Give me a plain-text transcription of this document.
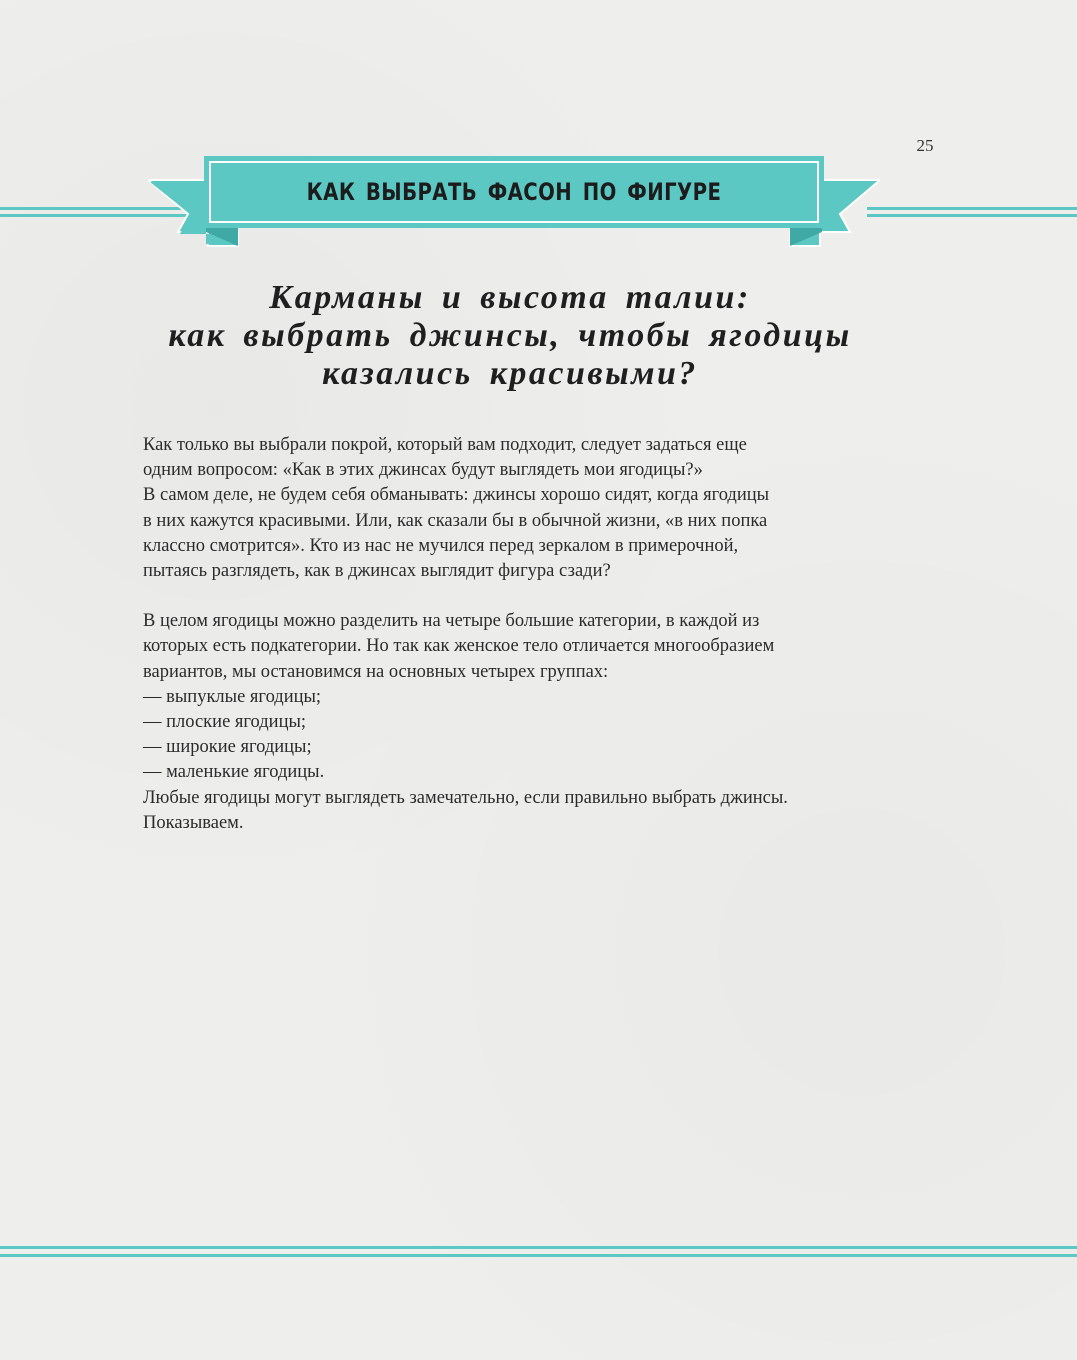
25
КАК ВЫБРАТЬ ФАСОН ПО ФИГУРЕ
Карманы и высота талии:
как выбрать джинсы, чтобы ягодицы
казались красивыми?

Как только вы выбрали покрой, который вам подходит, следует задаться еще
одним вопросом: «Как в этих джинсах будут выглядеть мои ягодицы?»
В самом деле, не будем себя обманывать: джинсы хорошо сидят, когда ягодицы
в них кажутся красивыми. Или, как сказали бы в обычной жизни, «в них попка
классно смотрится». Кто из нас не мучился перед зеркалом в примерочной,
пытаясь разглядеть, как в джинсах выглядит фигура сзади?

В целом ягодицы можно разделить на четыре большие категории, в каждой из
которых есть подкатегории. Но так как женское тело отличается многообразием
вариантов, мы остановимся на основных четырех группах:
— выпуклые ягодицы;
— плоские ягодицы;
— широкие ягодицы;
— маленькие ягодицы.
Любые ягодицы могут выглядеть замечательно, если правильно выбрать джинсы.
Показываем.
